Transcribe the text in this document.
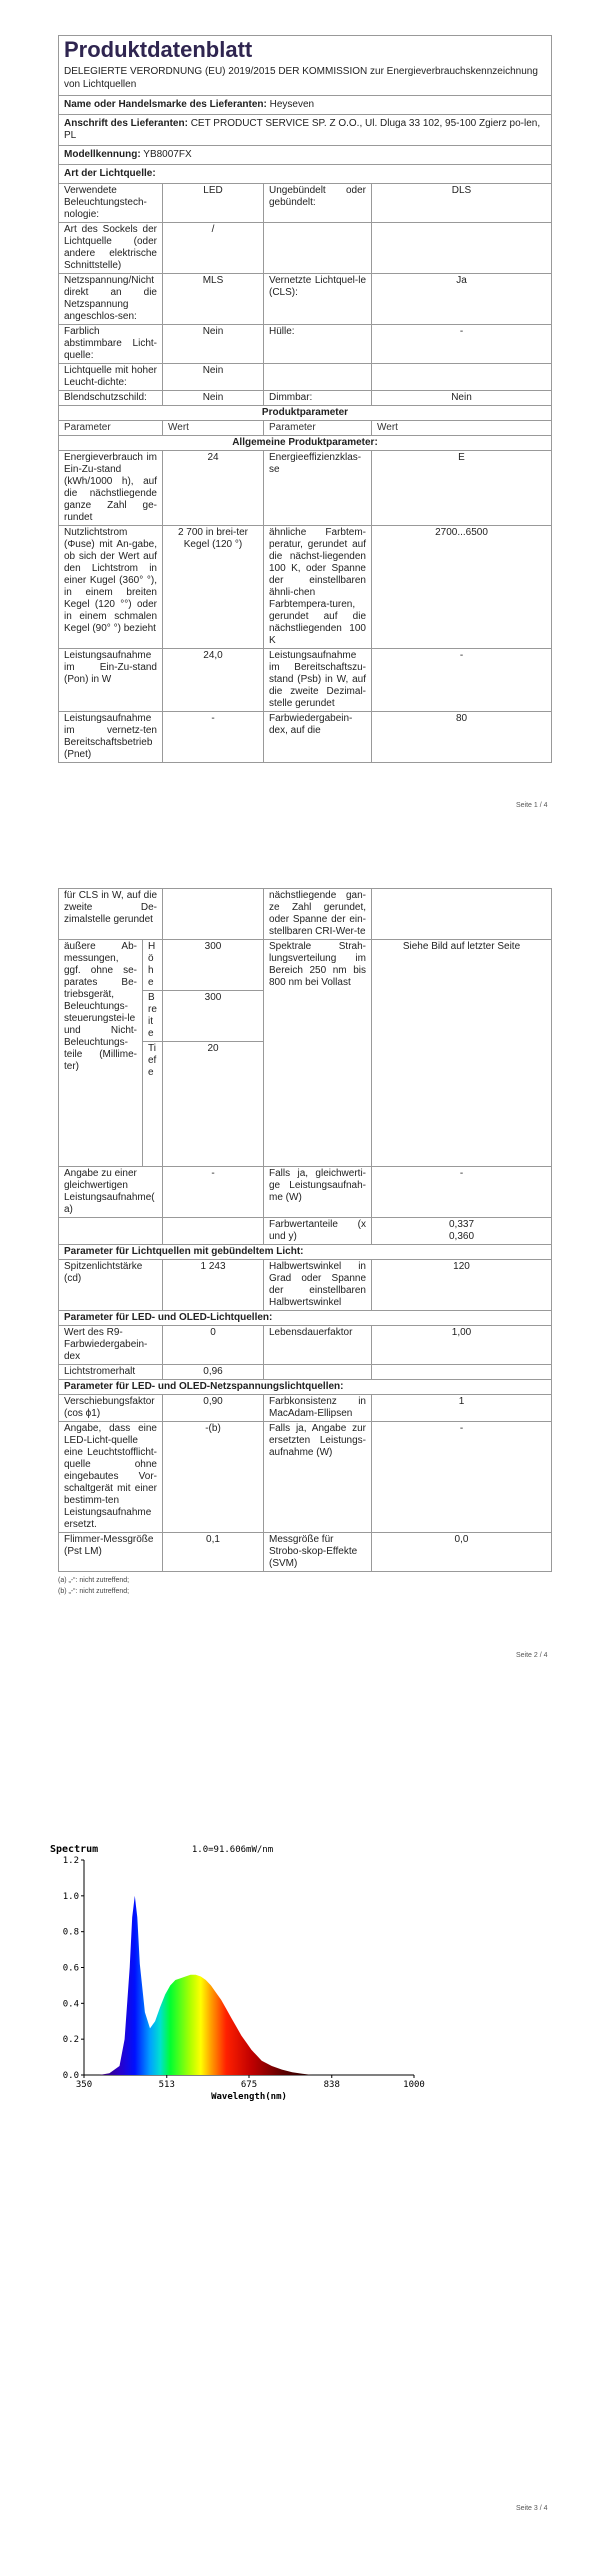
Produktdatenblatt
DELEGIERTE VERORDNUNG (EU) 2019/2015 DER KOMMISSION zur Energieverbrauchskennzeichnung von Lichtquellen
Name oder Handelsmarke des Lieferanten: Heyseven
Anschrift des Lieferanten: CET PRODUCT SERVICE SP. Z O.O., Ul. Dluga 33 102, 95-100 Zgierz po-len, PL
Modellkennung: YB8007FX
Art der Lichtquelle:
Verwendete Beleuchtungstech-nologie:	LED	Ungebündelt oder gebündelt:	DLS
Art des Sockels der Lichtquelle (oder andere elektrische Schnittstelle)	/		
Netzspannung/Nicht direkt an die Netzspannung angeschlos-sen:	MLS	Vernetzte Lichtquel-le (CLS):	Ja
Farblich abstimmbare Licht-quelle:	Nein	Hülle:	-
Lichtquelle mit hoher Leucht-dichte:	Nein		
Blendschutzschild:	Nein	Dimmbar:	Nein
Produktparameter			
Parameter	Wert	Parameter	Wert
Allgemeine Produktparameter:			
Energieverbrauch im Ein-Zu-stand (kWh/1000 h), auf die nächstliegende ganze Zahl ge-rundet	24	Energieeffizienzklas-se	E
Nutzlichtstrom (Φuse) mit An-gabe, ob sich der Wert auf den Lichtstrom in einer Kugel (360° °), in einem breiten Kegel (120 °°) oder in einem schmalen Kegel (90° °) bezieht	2 700 in brei-ter Kegel (120 °)	ähnliche Farbtem-peratur, gerundet auf die nächst-liegenden 100 K, oder Spanne der einstellbaren ähnli-chen Farbtempera-turen, gerundet auf die nächstliegenden 100 K	2700...6500
Leistungsaufnahme im Ein-Zu-stand (Pon) in W	24,0	Leistungsaufnahme im Bereitschaftszu-stand (Psb) in W, auf die zweite Dezimal-stelle gerundet	-
Leistungsaufnahme im vernetz-ten Bereitschaftsbetrieb (Pnet)	-	Farbwiedergabein-dex, auf die	80
Seite 1 / 4
für CLS in W, auf die zweite De-zimalstelle gerundet		nächstliegende gan-ze Zahl gerundet, oder Spanne der ein-stellbaren CRI-Wer-te	
äußere Ab-messungen, ggf. ohne se-parates Be-triebsgerät, Beleuchtungs-steuerungstei-le und Nicht-Beleuchtungs-teile (Millime-ter)	Höhe	300	Spektrale Strah-lungsverteilung im Bereich 250 nm bis 800 nm bei Vollast	Siehe Bild auf letzter Seite
	Breite	300		
	Tiefe	20		
Angabe zu einer gleichwertigen Leistungsaufnahme(a)		-	Falls ja, gleichwerti-ge Leistungsaufnah-me (W)	-
			Farbwertanteile (x und y)	0,337
0,360
Parameter für Lichtquellen mit gebündeltem Licht:				
Spitzenlichtstärke (cd)		1 243	Halbwertswinkel in Grad oder Spanne der einstellbaren Halbwertswinkel	120
Parameter für LED- und OLED-Lichtquellen:				
Wert des R9-Farbwiedergabein-dex		0	Lebensdauerfaktor	1,00
Lichtstromerhalt		0,96		
Parameter für LED- und OLED-Netzspannungslichtquellen:				
Verschiebungsfaktor (cos ϕ1)		0,90	Farbkonsistenz in MacAdam-Ellipsen	1
Angabe, dass eine LED-Licht-quelle eine Leuchtstofflicht-quelle ohne eingebautes Vor-schaltgerät mit einer bestimm-ten Leistungsaufnahme ersetzt.		-(b)	Falls ja, Angabe zur ersetzten Leistungs-aufnahme (W)	-
Flimmer-Messgröße (Pst LM)		0,1	Messgröße für Strobo-skop-Effekte (SVM)	0,0
(a) „-“: nicht zutreffend;
(b) „-“: nicht zutreffend;
Seite 2 / 4
0.0
0.2
0.4
0.6
0.8
1.0
1.2
350	513	675	838	1000
Spectrum	1.0=91.606mW/nm
Wavelength(nm)
Seite 3 / 4
